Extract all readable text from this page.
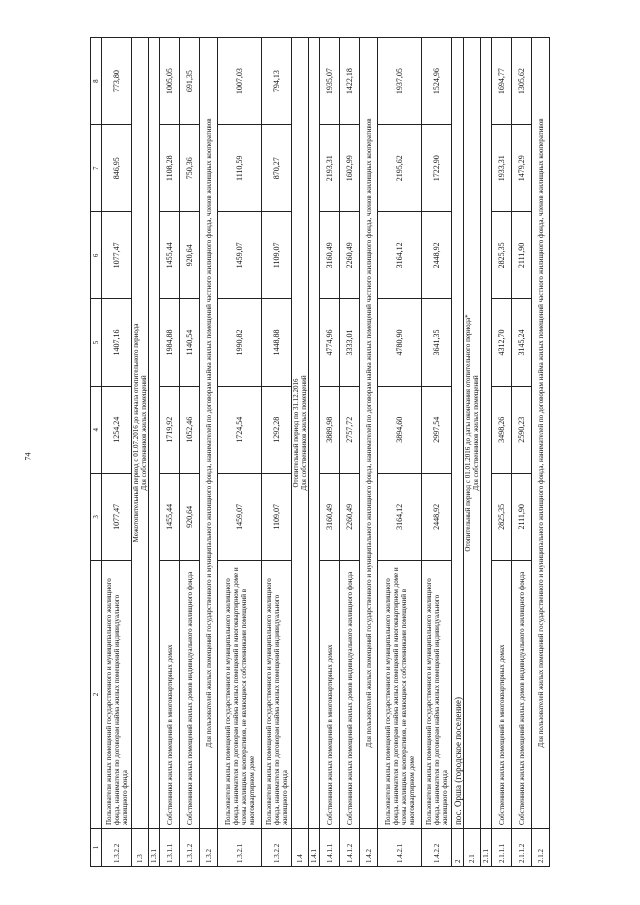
74
1	2	3	4	5	6	7	8
1.3.2.2	Пользователи жилых помещений государственного и муниципального жилищного фонда, нанимателя по договорам найма жилых помещений индивидуального жилищного фонда	1077,47	1254,24	1407,16	1077,47	846,95	773,80
1.3	Межотопительный период с 01.07.2016 до начала отопительного периода Для собственников жилых помещений						

1.3.1							
1.3.1.1	Собственники жилых помещений в многоквартирных домах	1455,44	1719,92	1984,88	1455,44	1108,28	1005,05
1.3.1.2	Собственники жилых помещений жилых домов индивидуального жилищного фонда	920,64	1052,46	1140,54	920,64	750,36	691,35
1.3.2	Для пользователей жилых помещений государственного и муниципального жилищного фонда, нанимателей по договорам найма жилых помещений частного жилищного фонда, членов жилищных кооперативов						
1.3.2.1	Пользователи жилых помещений государственного и муниципального жилищного фонда, нанимателя по договорам найма жилых помещений в многоквартирном доме и члены жилищных кооперативов, не являющиеся собственниками помещений в многоквартирном доме	1459,07	1724,54	1990,82	1459,07	1110,59	1007,03
1.3.2.2	Пользователи жилых помещений государственного и муниципального жилищного фонда, нанимателя по договорам найма жилых помещений индивидуального жилищного фонда	1109,07	1292,28	1448,88	1109,07	870,27	794,13
1.4	Отопительный период по 31.12.2016 Для собственников жилых помещений						

1.4.1							
1.4.1.1	Собственники жилых помещений в многоквартирных домах	3160,49	3889,98	4774,96	3160,49	2193,31	1935,07
1.4.1.2	Собственники жилых помещений жилых домов индивидуального жилищного фонда	2260,49	2757,72	3333,01	2260,49	1602,99	1422,18
1.4.2	Для пользователей жилых помещений государственного и муниципального жилищного фонда, нанимателей по договорам найма жилых помещений частного жилищного фонда, членов жилищных кооперативов						
1.4.2.1	Пользователи жилых помещений государственного и муниципального жилищного фонда, нанимателя по договорам найма жилых помещений в многоквартирном доме и члены жилищных кооперативов, не являющиеся собственниками помещений в многоквартирном доме	3164,12	3894,60	4780,90	3164,12	2195,62	1937,05
1.4.2.2	Пользователи жилых помещений государственного и муниципального жилищного фонда, нанимателя по договорам найма жилых помещений индивидуального жилищного фонда	2448,92	2997,54	3641,35	2448,92	1722,90	1524,96
2	пос. Орша (городское поселение)						
2.1	Отопительный период с 01.01.2016 до даты окончания отопительного периода* Для собственников жилых помещений						

2.1.1							
2.1.1.1	Собственники жилых помещений в многоквартирных домах	2825,35	3498,26	4312,70	2825,35	1933,31	1694,77
2.1.1.2	Собственники жилых помещений жилых домов индивидуального жилищного фонда	2111,90	2590,23	3145,24	2111,90	1479,29	1305,62
2.1.2	Для пользователей жилых помещений государственного и муниципального жилищного фонда, нанимателей по договорам найма жилых помещений частного жилищного фонда, членов жилищных кооперативов						
